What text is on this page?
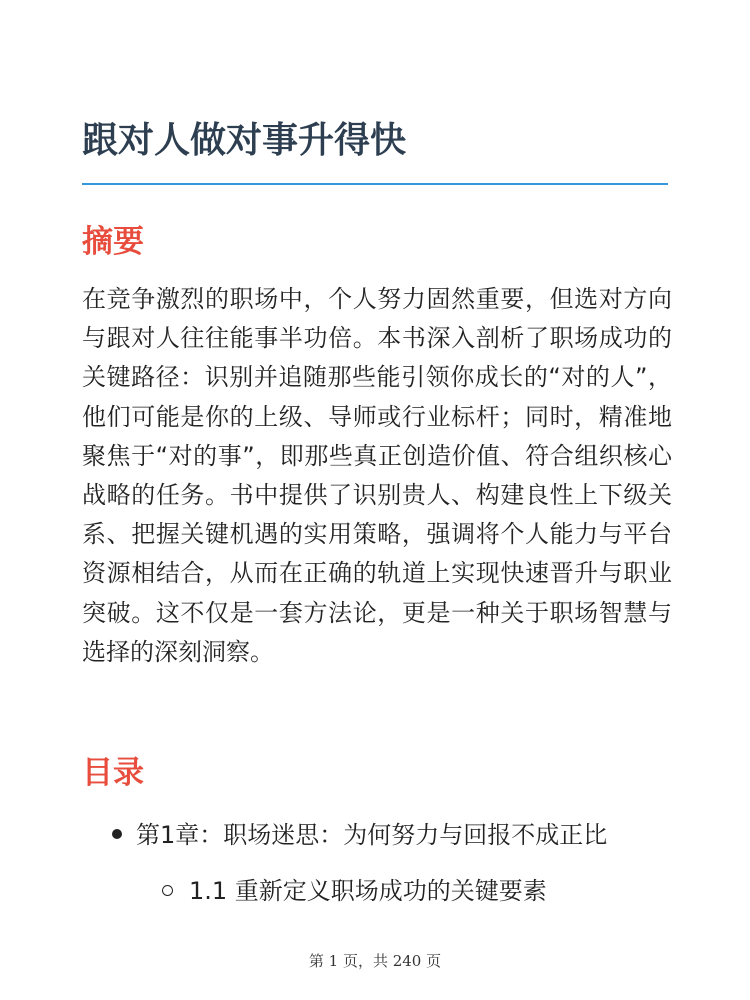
跟对人做对事升得快
摘要

在竞争激烈的职场中，个人努力固然重要，但选对方向与跟对人往往能事半功倍。本书深入剖析了职场成功的关键路径：识别并追随那些能引领你成长的“对的人”，他们可能是你的上级、导师或行业标杆；同时，精准地聚焦于“对的事”，即那些真正创造价值、符合组织核心战略的任务。书中提供了识别贵人、构建良性上下级关系、把握关键机遇的实用策略，强调将个人能力与平台资源相结合，从而在正确的轨道上实现快速晋升与职业突破。这不仅是一套方法论，更是一种关于职场智慧与选择的深刻洞察。

目录
第1章：职场迷思：为何努力与回报不成正比
1.1 重新定义职场成功的关键要素
第 1 页，共 240 页
